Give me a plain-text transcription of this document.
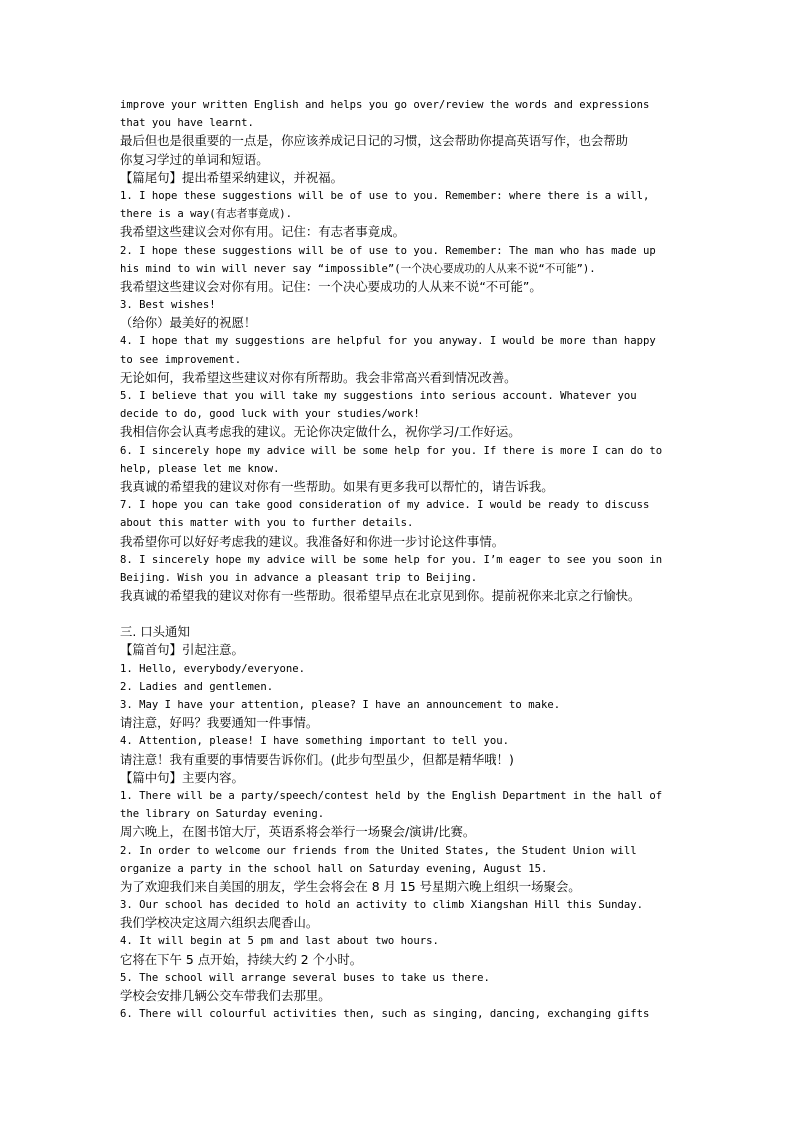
improve your written English and helps you go over/review the words and expressions
that you have learnt.
最后但也是很重要的一点是，你应该养成记日记的习惯，这会帮助你提高英语写作，也会帮助
你复习学过的单词和短语。
【篇尾句】提出希望采纳建议，并祝福。
1. I hope these suggestions will be of use to you. Remember: where there is a will,
there is a way(有志者事竟成).
我希望这些建议会对你有用。记住：有志者事竟成。
2. I hope these suggestions will be of use to you. Remember: The man who has made up
his mind to win will never say “impossible”(一个决心要成功的人从来不说“不可能”).
我希望这些建议会对你有用。记住：一个决心要成功的人从来不说“不可能”。
3. Best wishes!
（给你）最美好的祝愿！
4. I hope that my suggestions are helpful for you anyway. I would be more than happy
to see improvement.
无论如何，我希望这些建议对你有所帮助。我会非常高兴看到情况改善。
5. I believe that you will take my suggestions into serious account. Whatever you
decide to do, good luck with your studies/work!
我相信你会认真考虑我的建议。无论你决定做什么，祝你学习/工作好运。
6. I sincerely hope my advice will be some help for you. If there is more I can do to
help, please let me know.
我真诚的希望我的建议对你有一些帮助。如果有更多我可以帮忙的，请告诉我。
7. I hope you can take good consideration of my advice. I would be ready to discuss
about this matter with you to further details.
我希望你可以好好考虑我的建议。我准备好和你进一步讨论这件事情。
8. I sincerely hope my advice will be some help for you. I’m eager to see you soon in
Beijing. Wish you in advance a pleasant trip to Beijing.
我真诚的希望我的建议对你有一些帮助。很希望早点在北京见到你。提前祝你来北京之行愉快。
三. 口头通知
【篇首句】引起注意。
1. Hello, everybody/everyone.
2. Ladies and gentlemen.
3. May I have your attention, please? I have an announcement to make.
请注意，好吗？我要通知一件事情。
4. Attention, please! I have something important to tell you.
请注意！我有重要的事情要告诉你们。(此步句型虽少，但都是精华哦！)
【篇中句】主要内容。
1. There will be a party/speech/contest held by the English Department in the hall of
the library on Saturday evening.
周六晚上，在图书馆大厅，英语系将会举行一场聚会/演讲/比赛。
2. In order to welcome our friends from the United States, the Student Union will
organize a party in the school hall on Saturday evening, August 15.
为了欢迎我们来自美国的朋友，学生会将会在 8 月 15 号星期六晚上组织一场聚会。
3. Our school has decided to hold an activity to climb Xiangshan Hill this Sunday.
我们学校决定这周六组织去爬香山。
4. It will begin at 5 pm and last about two hours.
它将在下午 5 点开始，持续大约 2 个小时。
5. The school will arrange several buses to take us there.
学校会安排几辆公交车带我们去那里。
6. There will colourful activities then, such as singing, dancing, exchanging gifts
